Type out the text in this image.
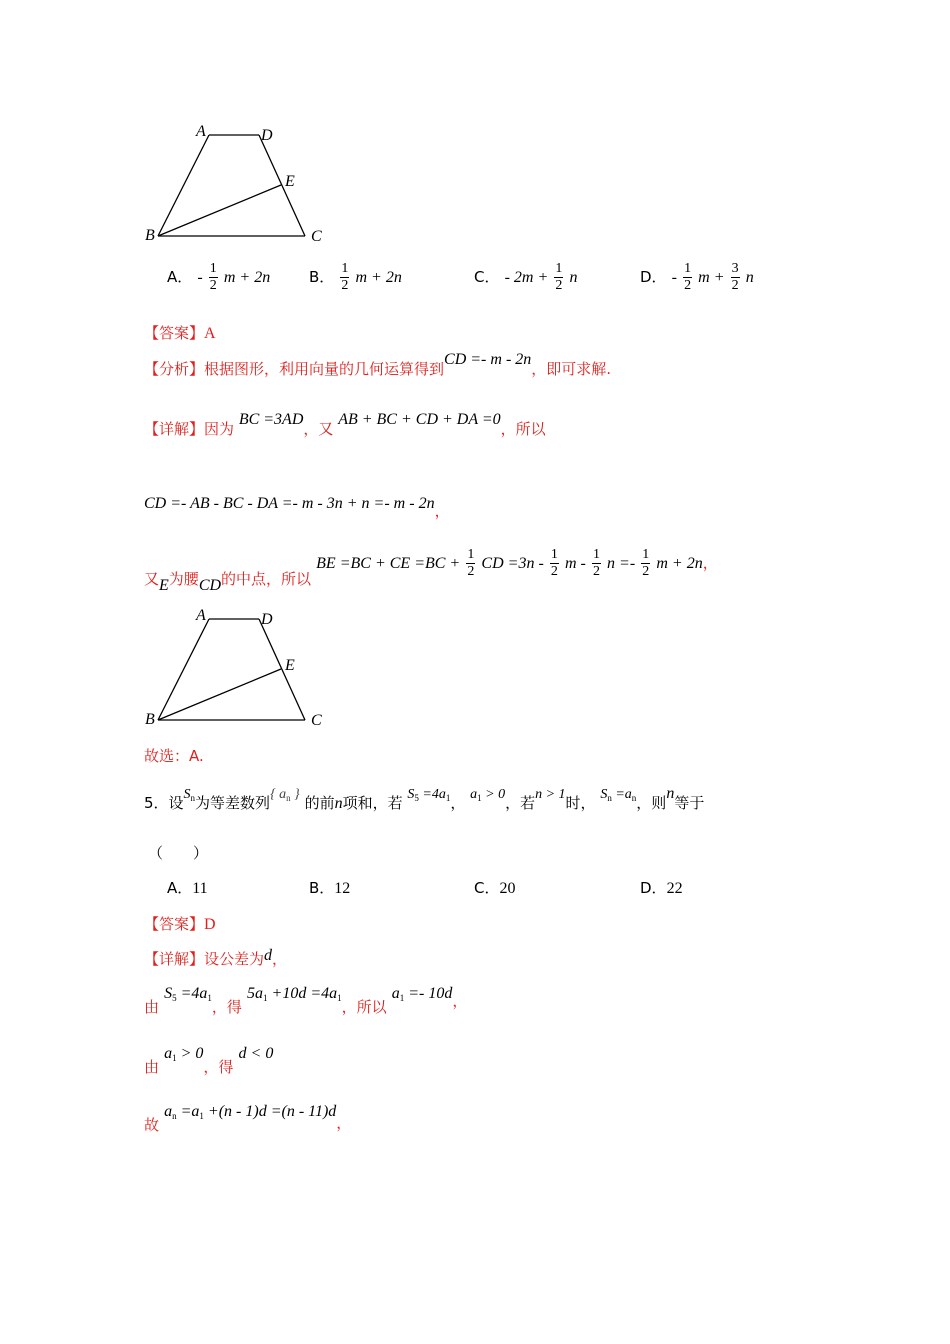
A	D
E
B	C
A． - $\frac{1}{2}$ m + 2n	B． $\frac{1}{2}$ m + 2n	C． - $2m + \frac{1}{2}$ n	D． - $\frac{1}{2}$ $m + \frac{3}{2}$ n
【答案】A
【分析】根据图形，利用向量的几何运算得到CD =- m - 2n，即可求解.
【详解】因为 BC =3AD，又 AB + BC + CD + DA =0，所以
CD =- AB - BC - DA =- m - 3n + n =- m - 2n，
又E为腰CD的中点，所以 BE =BC + CE $=BC + \frac{1}{2}$ CD $=3n - \frac{1}{2}$ m - $\frac{1}{2}$ $n =- \frac{1}{2}$ m + 2n，
A	D
E
B	C
故选：A.
5．设$S_n$为等差数列{ $a_n$ } 的前n项和，若 $S_5 =4a_1$， $a_1 > 0$，若n > 1时， $S_n =a_n$，则n等于
（　　）
A．11	B．12	C．20	D．22
【答案】D
【详解】设公差为d，
由 $S_5 =4a_1$，得 $5a_1 +10d =4a_1$，所以 $a_1 =- 10d$，
由 $a_1 > 0$，得 d < 0
故 $a_n =a_1 +(n - 1)d =(n - 11)d$，
